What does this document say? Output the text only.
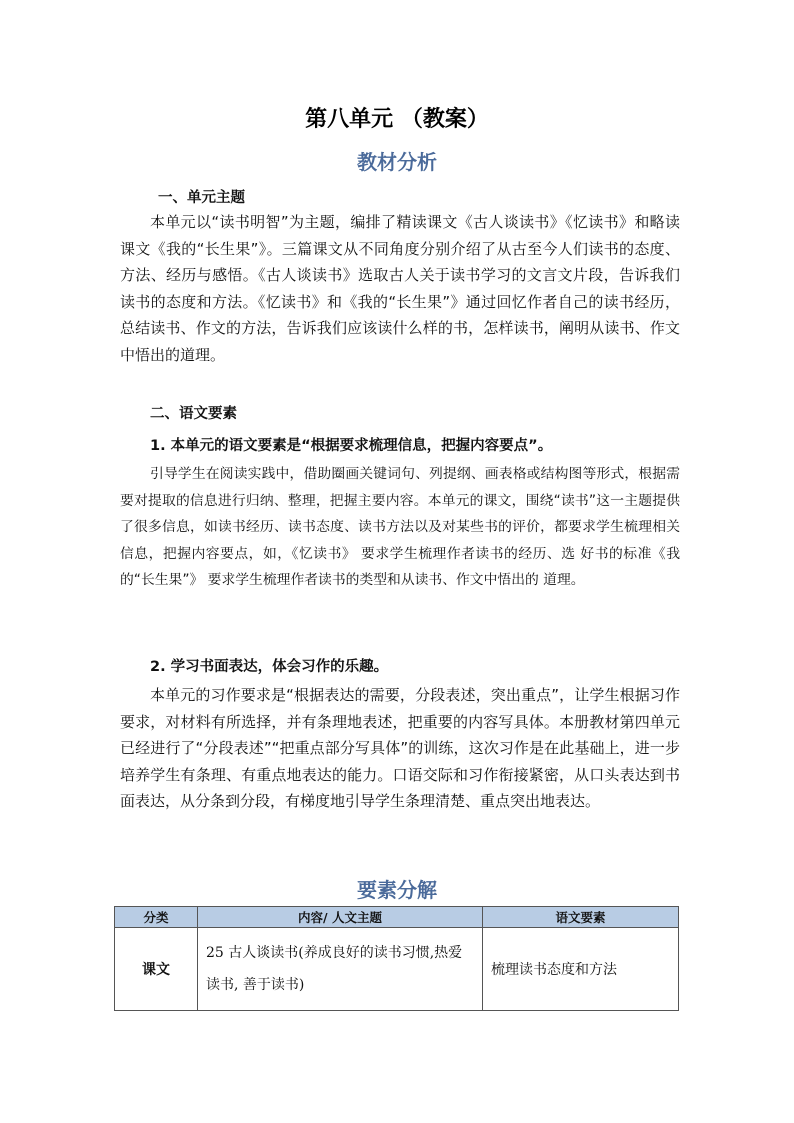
第八单元 （教案）
教材分析
一、单元主题
本单元以“读书明智”为主题，编排了精读课文《古人谈读书》《忆读书》和略读课文《我的“长生果”》。三篇课文从不同角度分别介绍了从古至今人们读书的态度、方法、经历与感悟。《古人谈读书》选取古人关于读书学习的文言文片段，告诉我们读书的态度和方法。《忆读书》和《我的“长生果”》通过回忆作者自己的读书经历，总结读书、作文的方法，告诉我们应该读什么样的书，怎样读书，阐明从读书、作文中悟出的道理。
二、语文要素
1. 本单元的语文要素是“根据要求梳理信息，把握内容要点”。
引导学生在阅读实践中，借助圈画关键词句、列提纲、画表格或结构图等形式，根据需要对提取的信息进行归纳、整理，把握主要内容。本单元的课文，围绕“读书”这一主题提供了很多信息，如读书经历、读书态度、读书方法以及对某些书的评价，都要求学生梳理相关信息，把握内容要点，如，《忆读书》 要求学生梳理作者读书的经历、选 好书的标准《我的“长生果”》 要求学生梳理作者读书的类型和从读书、作文中悟出的 道理。
2. 学习书面表达，体会习作的乐趣。
本单元的习作要求是“根据表达的需要，分段表述，突出重点”，让学生根据习作要求，对材料有所选择，并有条理地表述，把重要的内容写具体。本册教材第四单元已经进行了“分段表述”“把重点部分写具体”的训练，这次习作是在此基础上，进一步培养学生有条理、有重点地表达的能力。口语交际和习作衔接紧密，从口头表达到书面表达，从分条到分段，有梯度地引导学生条理清楚、重点突出地表达。
要素分解
分类	内容/ 人文主题	语文要素
课文	25 古人谈读书(养成良好的读书习惯,热爱读书, 善于读书)	梳理读书态度和方法
